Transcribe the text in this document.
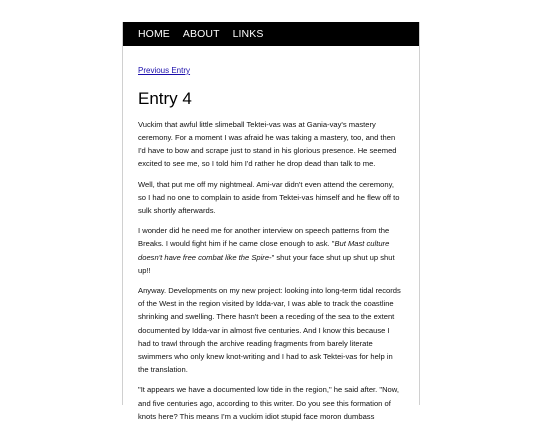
HOME ABOUT LINKS
Previous Entry
Entry 4

Vuckim that awful little slimeball Tektei-vas was at Gania-vay's mastery ceremony. For a moment I was afraid he was taking a mastery, too, and then I'd have to bow and scrape just to stand in his glorious presence. He seemed excited to see me, so I told him I'd rather he drop dead than talk to me.

Well, that put me off my nightmeal. Ami-var didn't even attend the ceremony, so I had no one to complain to aside from Tektei-vas himself and he flew off to sulk shortly afterwards.

I wonder did he need me for another interview on speech patterns from the Breaks. I would fight him if he came close enough to ask. "But Mast culture doesn't have free combat like the Spire-" shut your face shut up shut up shut up!!

Anyway. Developments on my new project: looking into long-term tidal records of the West in the region visited by Idda-var, I was able to track the coastline shrinking and swelling. There hasn't been a receding of the sea to the extent documented by Idda-var in almost five centuries. And I know this because I had to trawl through the archive reading fragments from barely literate swimmers who only knew knot-writing and I had to ask Tektei-vas for help in the translation.

"It appears we have a documented low tide in the region," he said after. "Now, and five centuries ago, according to this writer. Do you see this formation of knots here? This means I'm a vuckim idiot stupid face moron dumbass
